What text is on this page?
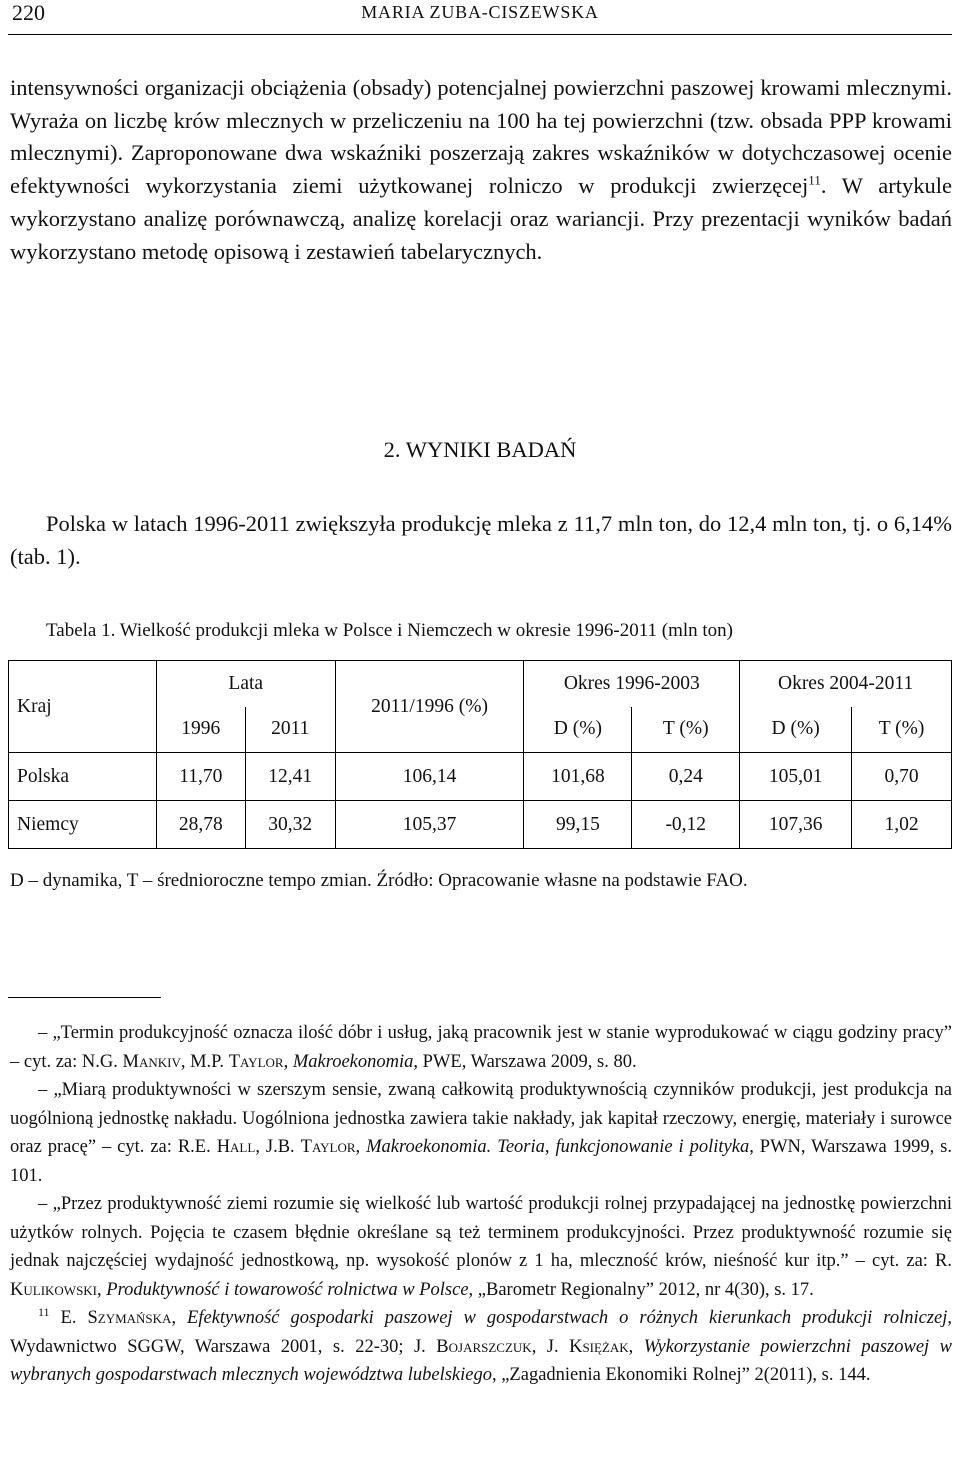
220	MARIA ZUBA-CISZEWSKA
intensywności organizacji obciążenia (obsady) potencjalnej powierzchni paszowej krowami mlecznymi. Wyraża on liczbę krów mlecznych w przeliczeniu na 100 ha tej powierzchni (tzw. obsada PPP krowami mlecznymi). Zaproponowane dwa wskaźniki poszerzają zakres wskaźników w dotychczasowej ocenie efektywności wykorzystania ziemi użytkowanej rolniczo w produkcji zwierzęcej$^{11}$. W artykule wykorzystano analizę porównawczą, analizę korelacji oraz wariancji. Przy prezentacji wyników badań wykorzystano metodę opisową i zestawień tabelarycznych.
2. WYNIKI BADAŃ
Polska w latach 1996-2011 zwiększyła produkcję mleka z 11,7 mln ton, do 12,4 mln ton, tj. o 6,14% (tab. 1).
Tabela 1. Wielkość produkcji mleka w Polsce i Niemczech w okresie 1996-2011 (mln ton)
Kraj	Lata		2011/1996 (%)	Okres 1996-2003		Okres 2004-2011	
	1996	2011		D (%)	T (%)	D (%)	T (%)
Polska	11,70	12,41	106,14	101,68	0,24	105,01	0,70
Niemcy	28,78	30,32	105,37	99,15	-0,12	107,36	1,02
D – dynamika, T – średnioroczne tempo zmian. Źródło: Opracowanie własne na podstawie FAO.

– „Termin produkcyjność oznacza ilość dóbr i usług, jaką pracownik jest w stanie wyprodukować w ciągu godziny pracy” – cyt. za: N.G. Mankiv, M.P. Taylor, Makroekonomia, PWE, Warszawa 2009, s. 80.

– „Miarą produktywności w szerszym sensie, zwaną całkowitą produktywnością czynników produkcji, jest produkcja na uogólnioną jednostkę nakładu. Uogólniona jednostka zawiera takie nakłady, jak kapitał rzeczowy, energię, materiały i surowce oraz pracę” – cyt. za: R.E. Hall, J.B. Taylor, Makroekonomia. Teoria, funkcjonowanie i polityka, PWN, Warszawa 1999, s. 101.

– „Przez produktywność ziemi rozumie się wielkość lub wartość produkcji rolnej przypadającej na jednostkę powierzchni użytków rolnych. Pojęcia te czasem błędnie określane są też terminem produkcyjności. Przez produktywność rozumie się jednak najczęściej wydajność jednostkową, np. wysokość plonów z 1 ha, mleczność krów, nieśność kur itp.” – cyt. za: R. Kulikowski, Produktywność i towarowość rolnictwa w Polsce, „Barometr Regionalny” 2012, nr 4(30), s. 17.

$^{11}$ E. Szymańska, Efektywność gospodarki paszowej w gospodarstwach o różnych kierunkach produkcji rolniczej, Wydawnictwo SGGW, Warszawa 2001, s. 22-30; J. Bojarszczuk, J. Księżak, Wykorzystanie powierzchni paszowej w wybranych gospodarstwach mlecznych województwa lubelskiego, „Zagadnienia Ekonomiki Rolnej” 2(2011), s. 144.
